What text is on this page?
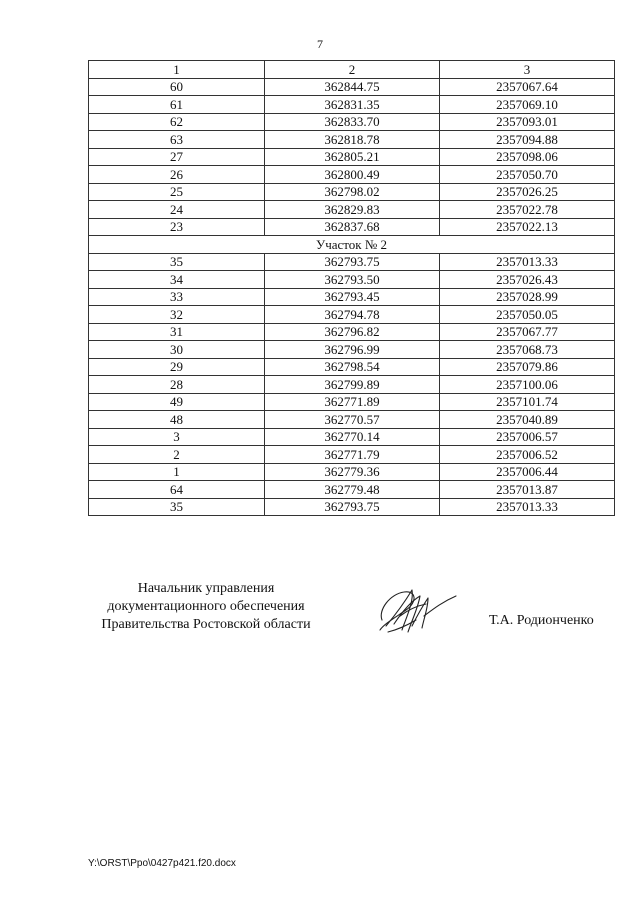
7
1	2	3
60	362844.75	2357067.64
61	362831.35	2357069.10
62	362833.70	2357093.01
63	362818.78	2357094.88
27	362805.21	2357098.06
26	362800.49	2357050.70
25	362798.02	2357026.25
24	362829.83	2357022.78
23	362837.68	2357022.13
Участок № 2		
35	362793.75	2357013.33
34	362793.50	2357026.43
33	362793.45	2357028.99
32	362794.78	2357050.05
31	362796.82	2357067.77
30	362796.99	2357068.73
29	362798.54	2357079.86
28	362799.89	2357100.06
49	362771.89	2357101.74
48	362770.57	2357040.89
3	362770.14	2357006.57
2	362771.79	2357006.52
1	362779.36	2357006.44
64	362779.48	2357013.87
35	362793.75	2357013.33
Начальник управления
документационного обеспечения
Правительства Ростовской области	Т.А. Родионченко
Y:\ORST\Ppo\0427p421.f20.docx
